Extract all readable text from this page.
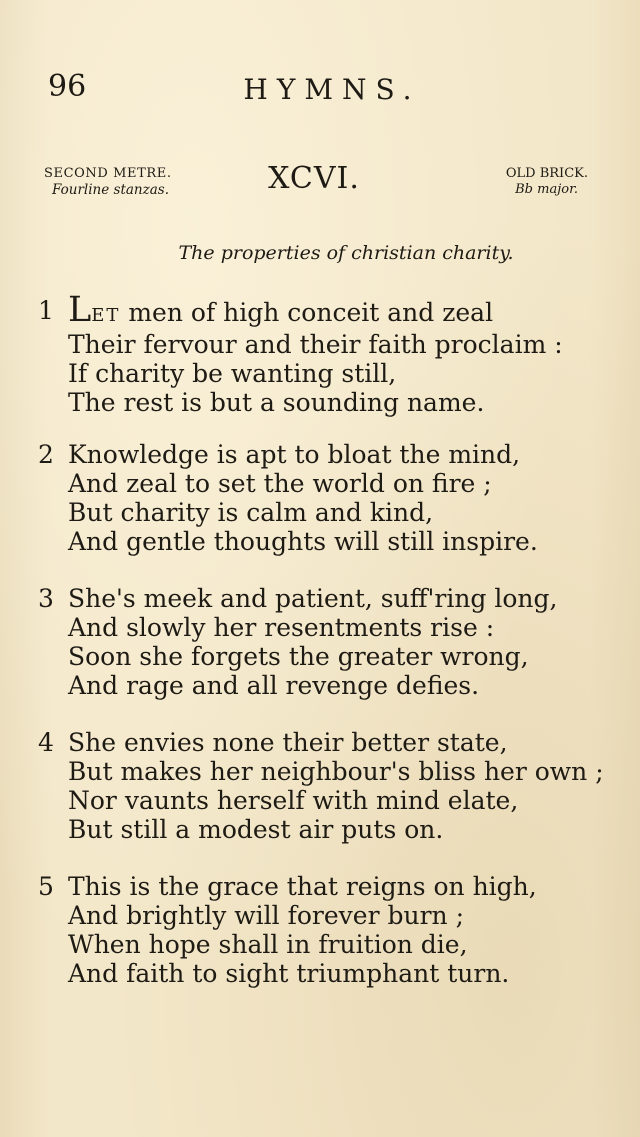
96	HYMNS.
SECOND METRE.
Fourline stanzas.	XCVI.	OLD BRICK.
Bb major.
The properties of christian charity.
1 LET men of high conceit and zeal
Their fervour and their faith proclaim :
If charity be wanting still,
The rest is but a sounding name.
2 Knowledge is apt to bloat the mind,
And zeal to set the world on fire ;
But charity is calm and kind,
And gentle thoughts will still inspire.
3 She's meek and patient, suff'ring long,
And slowly her resentments rise :
Soon she forgets the greater wrong,
And rage and all revenge defies.
4 She envies none their better state,
But makes her neighbour's bliss her own ;
Nor vaunts herself with mind elate,
But still a modest air puts on.
5 This is the grace that reigns on high,
And brightly will forever burn ;
When hope shall in fruition die,
And faith to sight triumphant turn.
